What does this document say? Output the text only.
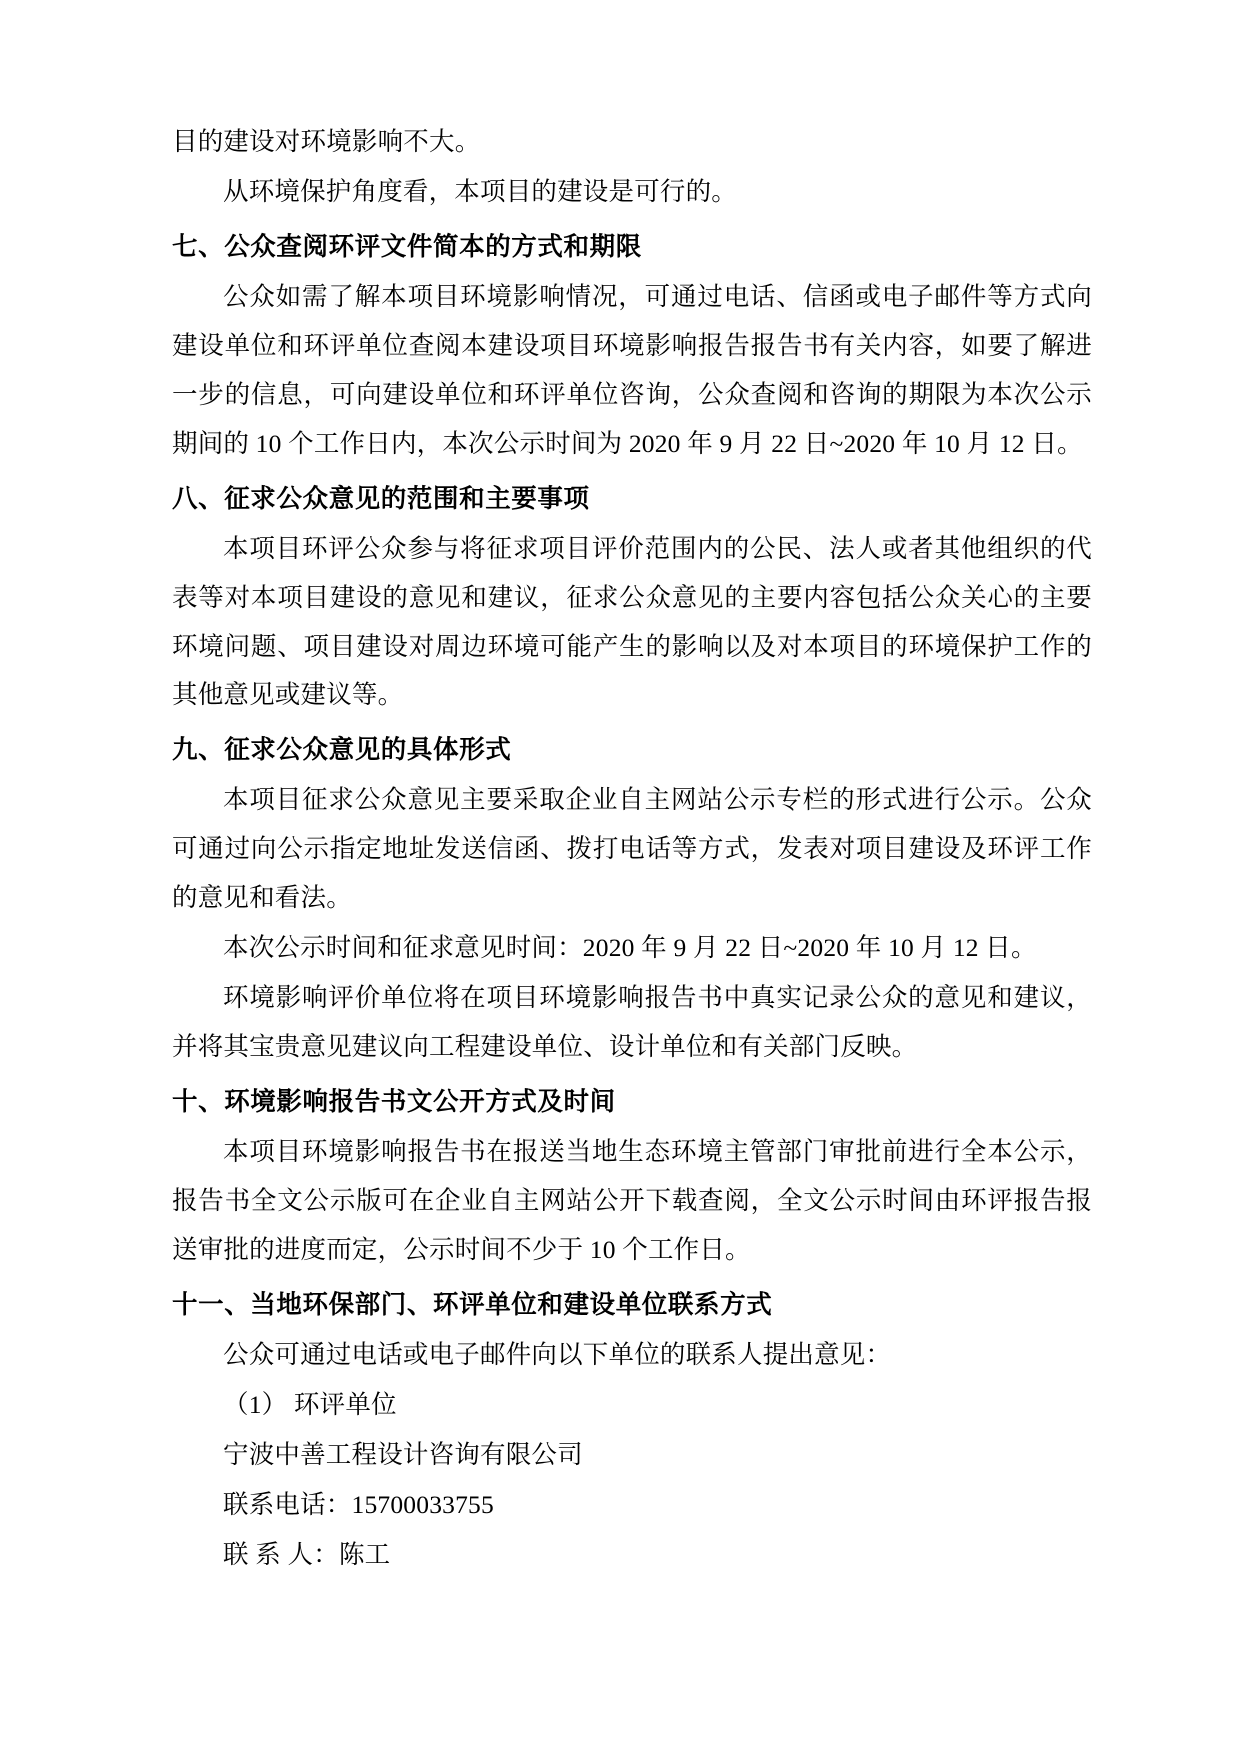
目的建设对环境影响不大。

从环境保护角度看，本项目的建设是可行的。

七、公众查阅环评文件简本的方式和期限

公众如需了解本项目环境影响情况，可通过电话、信函或电子邮件等方式向建设单位和环评单位查阅本建设项目环境影响报告报告书有关内容，如要了解进一步的信息，可向建设单位和环评单位咨询，公众查阅和咨询的期限为本次公示期间的 10 个工作日内，本次公示时间为 2020 年 9 月 22 日~2020 年 10 月 12 日。

八、征求公众意见的范围和主要事项

本项目环评公众参与将征求项目评价范围内的公民、法人或者其他组织的代表等对本项目建设的意见和建议，征求公众意见的主要内容包括公众关心的主要环境问题、项目建设对周边环境可能产生的影响以及对本项目的环境保护工作的其他意见或建议等。

九、征求公众意见的具体形式

本项目征求公众意见主要采取企业自主网站公示专栏的形式进行公示。公众可通过向公示指定地址发送信函、拨打电话等方式，发表对项目建设及环评工作的意见和看法。

本次公示时间和征求意见时间：2020 年 9 月 22 日~2020 年 10 月 12 日。

环境影响评价单位将在项目环境影响报告书中真实记录公众的意见和建议，并将其宝贵意见建议向工程建设单位、设计单位和有关部门反映。

十、环境影响报告书文公开方式及时间

本项目环境影响报告书在报送当地生态环境主管部门审批前进行全本公示，报告书全文公示版可在企业自主网站公开下载查阅，全文公示时间由环评报告报送审批的进度而定，公示时间不少于 10 个工作日。

十一、当地环保部门、环评单位和建设单位联系方式

公众可通过电话或电子邮件向以下单位的联系人提出意见：

（1） 环评单位

宁波中善工程设计咨询有限公司

联系电话：15700033755

联 系 人：陈工
